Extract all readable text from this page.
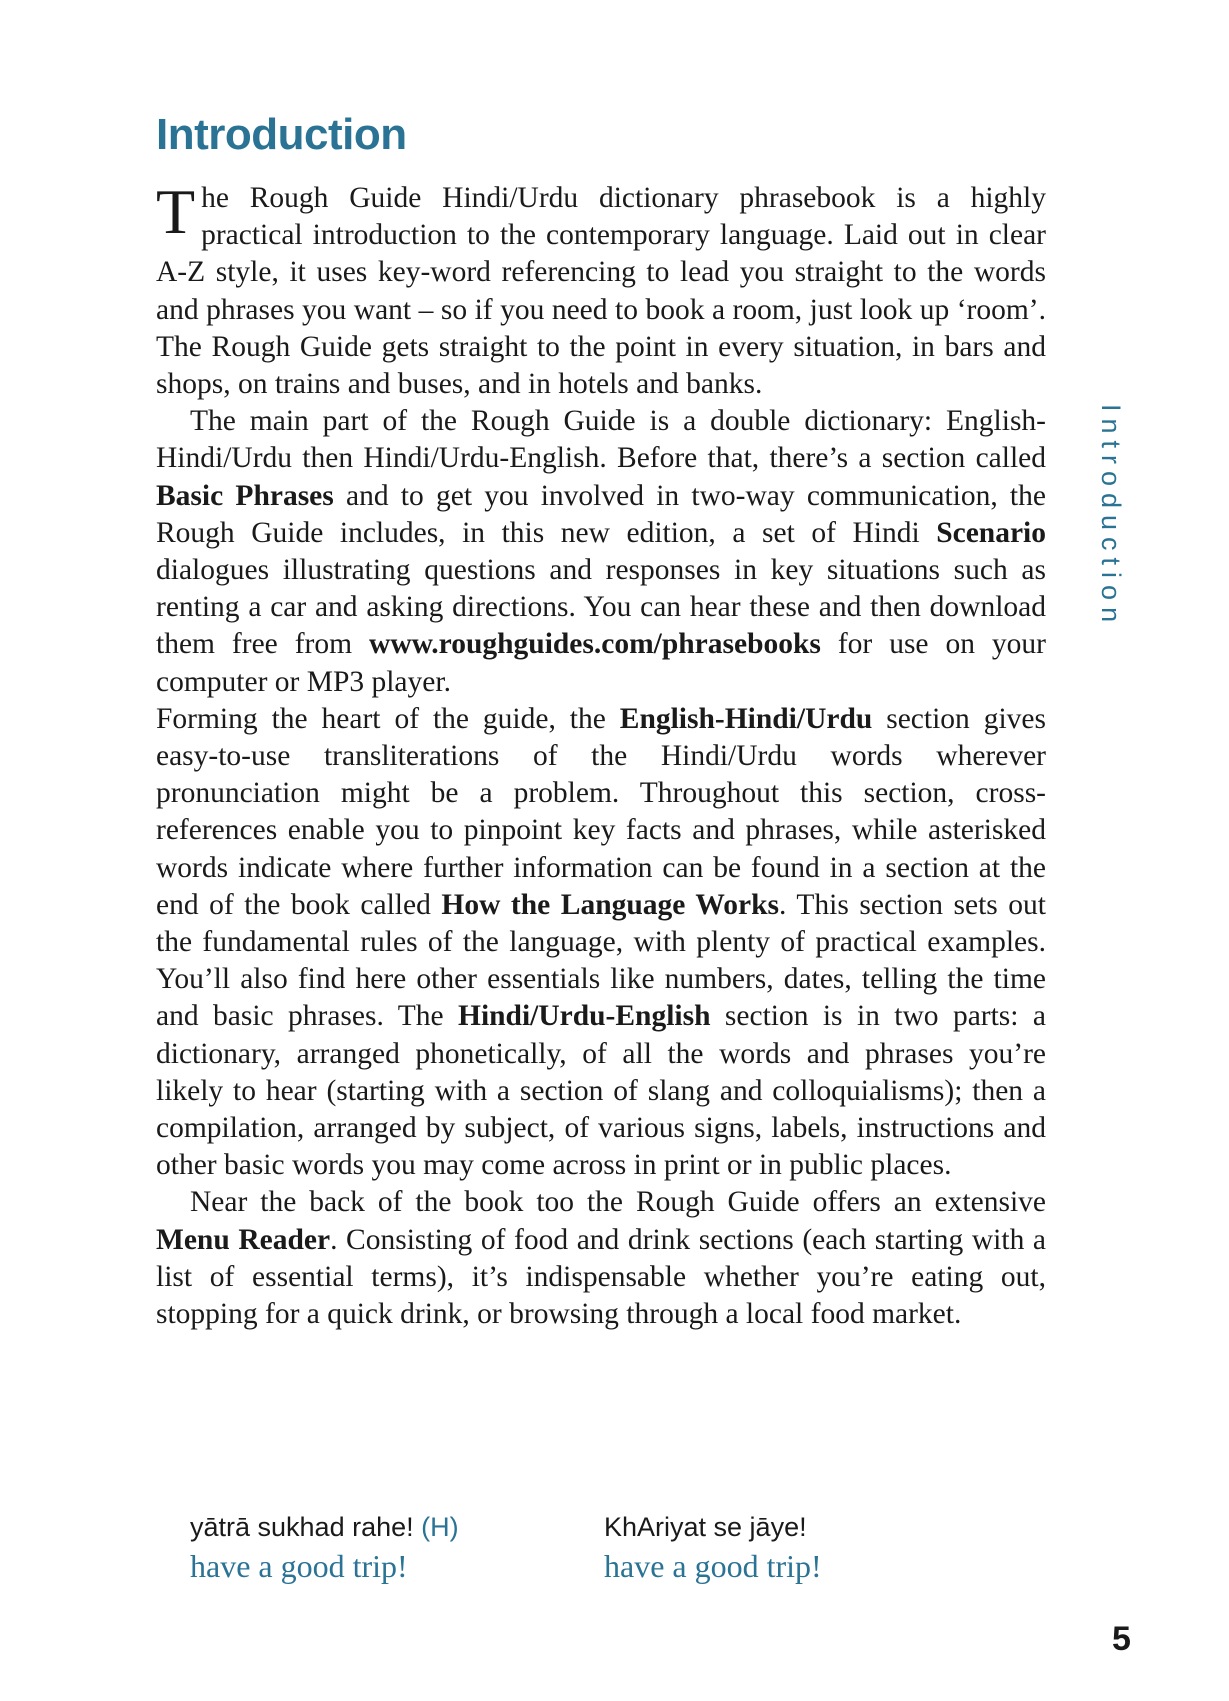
Introduction
Introduction

The Rough Guide Hindi/Urdu dictionary phrasebook is a highly practical introduction to the contemporary language. Laid out in clear A-Z style, it uses key-word referencing to lead you straight to the words and phrases you want – so if you need to book a room, just look up ‘room’. The Rough Guide gets straight to the point in every situation, in bars and shops, on trains and buses, and in hotels and banks.

The main part of the Rough Guide is a double dictionary: English-Hindi/Urdu then Hindi/Urdu-English. Before that, there’s a section called Basic Phrases and to get you involved in two-way communication, the Rough Guide includes, in this new edition, a set of Hindi Scenario dialogues illustrating questions and responses in key situations such as renting a car and asking directions. You can hear these and then download them free from www.roughguides.com/phrasebooks for use on your computer or MP3 player.

Forming the heart of the guide, the English-Hindi/Urdu section gives easy-to-use transliterations of the Hindi/Urdu words wherever pronunciation might be a problem. Throughout this section, cross-references enable you to pinpoint key facts and phrases, while asterisked words indicate where further information can be found in a section at the end of the book called How the Language Works. This section sets out the fundamental rules of the language, with plenty of practical examples. You’ll also find here other essentials like numbers, dates, telling the time and basic phrases. The Hindi/Urdu-English section is in two parts: a dictionary, arranged phonetically, of all the words and phrases you’re likely to hear (starting with a section of slang and colloquialisms); then a compilation, arranged by subject, of various signs, labels, instructions and other basic words you may come across in print or in public places.

Near the back of the book too the Rough Guide offers an extensive Menu Reader. Consisting of food and drink sections (each starting with a list of essential terms), it’s indispensable whether you’re eating out, stopping for a quick drink, or browsing through a local food market.

yātrā sukhad rahe! (H)
have a good trip!
KhAriyat se jāye!
have a good trip!
5
